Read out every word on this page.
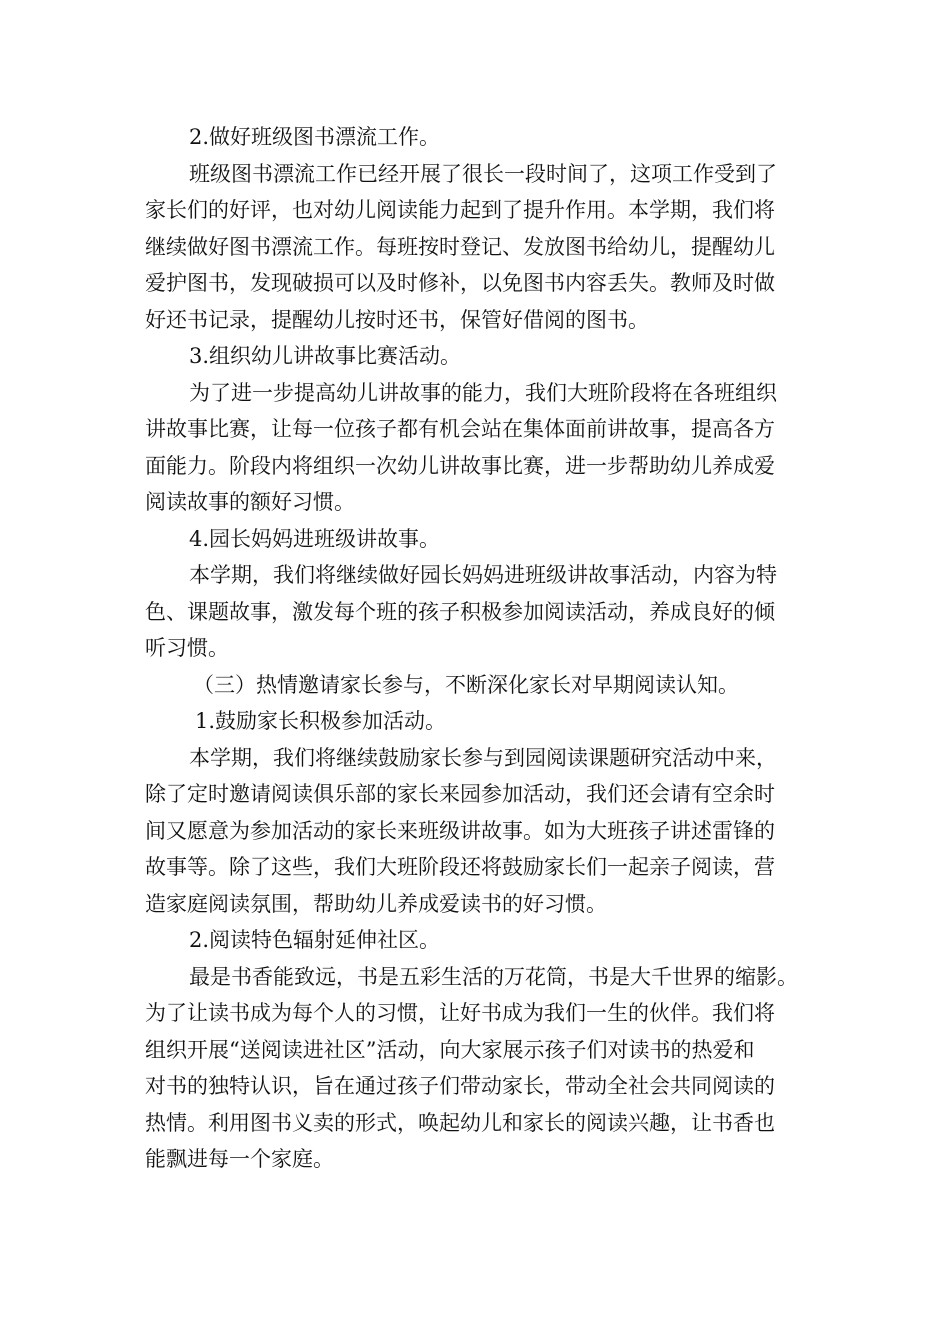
2.做好班级图书漂流工作。
班级图书漂流工作已经开展了很长一段时间了，这项工作受到了
家长们的好评，也对幼儿阅读能力起到了提升作用。本学期，我们将
继续做好图书漂流工作。每班按时登记、发放图书给幼儿，提醒幼儿
爱护图书，发现破损可以及时修补，以免图书内容丢失。教师及时做
好还书记录，提醒幼儿按时还书，保管好借阅的图书。
3.组织幼儿讲故事比赛活动。
为了进一步提高幼儿讲故事的能力，我们大班阶段将在各班组织
讲故事比赛，让每一位孩子都有机会站在集体面前讲故事，提高各方
面能力。阶段内将组织一次幼儿讲故事比赛，进一步帮助幼儿养成爱
阅读故事的额好习惯。
4.园长妈妈进班级讲故事。
本学期，我们将继续做好园长妈妈进班级讲故事活动，内容为特
色、课题故事，激发每个班的孩子积极参加阅读活动，养成良好的倾
听习惯。
（三）热情邀请家长参与，不断深化家长对早期阅读认知。
1.鼓励家长积极参加活动。
本学期，我们将继续鼓励家长参与到园阅读课题研究活动中来，
除了定时邀请阅读俱乐部的家长来园参加活动，我们还会请有空余时
间又愿意为参加活动的家长来班级讲故事。如为大班孩子讲述雷锋的
故事等。除了这些，我们大班阶段还将鼓励家长们一起亲子阅读，营
造家庭阅读氛围，帮助幼儿养成爱读书的好习惯。
2.阅读特色辐射延伸社区。
最是书香能致远，书是五彩生活的万花筒，书是大千世界的缩影。
为了让读书成为每个人的习惯，让好书成为我们一生的伙伴。我们将
组织开展“送阅读进社区”活动，向大家展示孩子们对读书的热爱和
对书的独特认识，旨在通过孩子们带动家长，带动全社会共同阅读的
热情。利用图书义卖的形式，唤起幼儿和家长的阅读兴趣，让书香也
能飘进每一个家庭。
